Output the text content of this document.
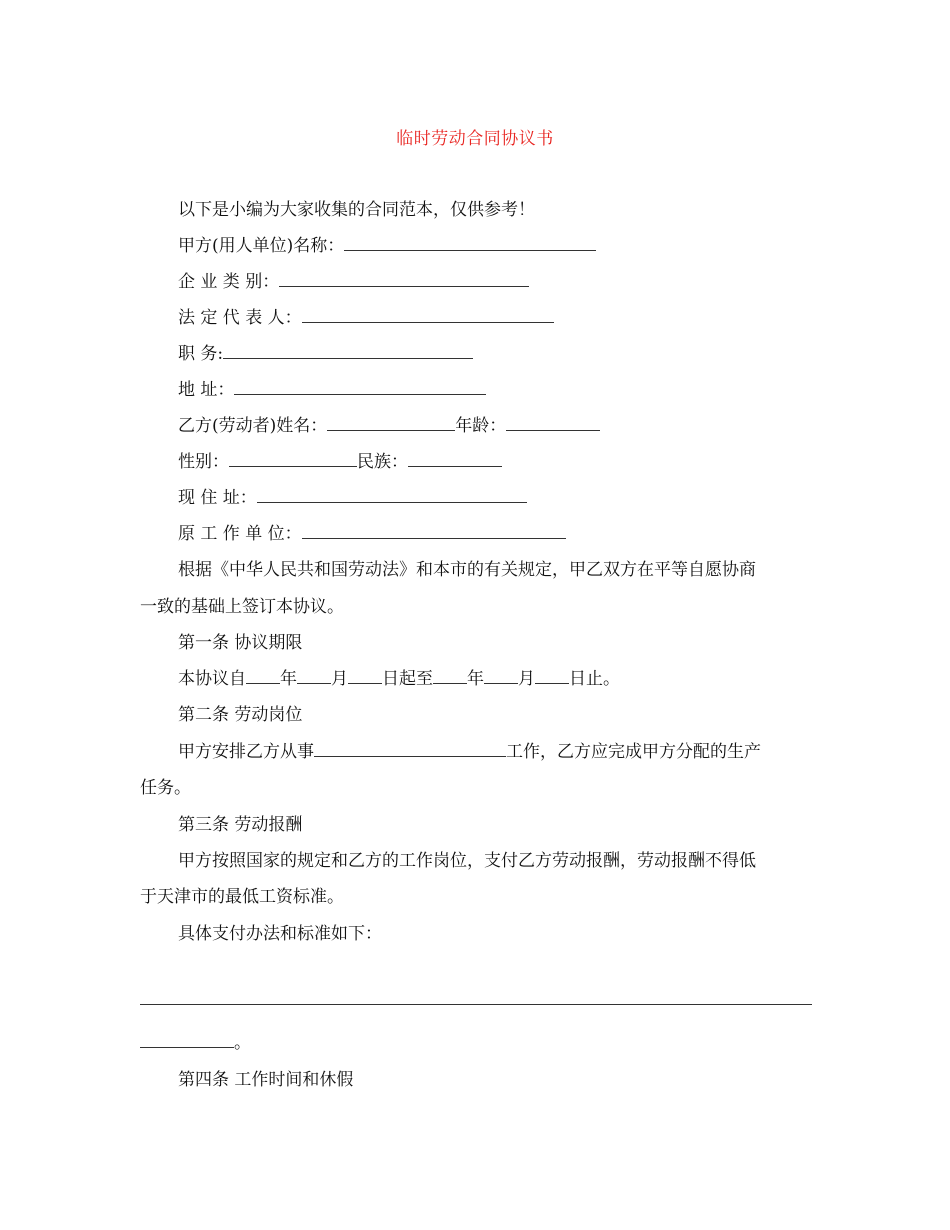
临时劳动合同协议书
以下是小编为大家收集的合同范本，仅供参考！
甲方(用人单位)名称：
企 业 类 别：
法 定 代 表 人：
职 务:
地 址：
乙方(劳动者)姓名：	年龄：
性别：	民族：
现 住 址：
原 工 作 单 位：
根据《中华人民共和国劳动法》和本市的有关规定，甲乙双方在平等自愿协商
一致的基础上签订本协议。
第一条 协议期限
本协议自 年 月 日起至 年 月 日止。
第二条 劳动岗位
甲方安排乙方从事	工作，乙方应完成甲方分配的生产
任务。
第三条 劳动报酬
甲方按照国家的规定和乙方的工作岗位，支付乙方劳动报酬，劳动报酬不得低
于天津市的最低工资标准。
具体支付办法和标准如下：
。
第四条 工作时间和休假
